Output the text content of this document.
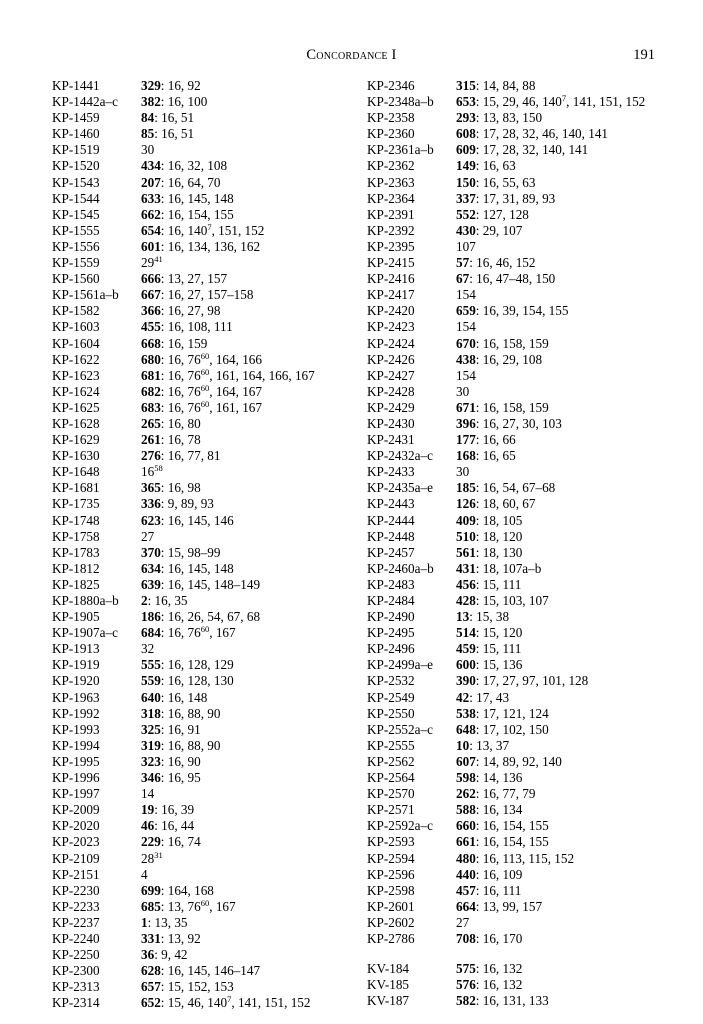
Concordance I	191
KP-1441	329: 16, 92
KP-1442a–c 382: 16, 100
KP-1459	84: 16, 51
KP-1460	85: 16, 51
KP-1519	30
KP-1520	434: 16, 32, 108
KP-1543	207: 16, 64, 70
KP-1544	633: 16, 145, 148
KP-1545	662: 16, 154, 155
KP-1555	654: 16, $140^7$, 151, 152
KP-1556	601: 16, 134, 136, 162
KP-1559	$29^{41}$
KP-1560	666: 13, 27, 157
KP-1561a–b 667: 16, 27, 157–158
KP-1582	366: 16, 27, 98
KP-1603	455: 16, 108, 111
KP-1604	668: 16, 159
KP-1622	680: 16, $76^{60}$, 164, 166
KP-1623	681: 16, $76^{60}$, 161, 164, 166, 167
KP-1624	682: 16, $76^{60}$, 164, 167
KP-1625	683: 16, $76^{60}$, 161, 167
KP-1628	265: 16, 80
KP-1629	261: 16, 78
KP-1630	276: 16, 77, 81
KP-1648	$16^{58}$
KP-1681	365: 16, 98
KP-1735	336: 9, 89, 93
KP-1748	623: 16, 145, 146
KP-1758	27
KP-1783	370: 15, 98–99
KP-1812	634: 16, 145, 148
KP-1825	639: 16, 145, 148–149
KP-1880a–b 2: 16, 35
KP-1905	186: 16, 26, 54, 67, 68
KP-1907a–c 684: 16, $76^{60}$, 167
KP-1913	32
KP-1919	555: 16, 128, 129
KP-1920	559: 16, 128, 130
KP-1963	640: 16, 148
KP-1992	318: 16, 88, 90
KP-1993	325: 16, 91
KP-1994	319: 16, 88, 90
KP-1995	323: 16, 90
KP-1996	346: 16, 95
KP-1997	14
KP-2009	19: 16, 39
KP-2020	46: 16, 44
KP-2023	229: 16, 74
KP-2109	$28^{31}$
KP-2151	4
KP-2230	699: 164, 168
KP-2233	685: 13, $76^{60}$, 167
KP-2237	1: 13, 35
KP-2240	331: 13, 92
KP-2250	36: 9, 42
KP-2300	628: 16, 145, 146–147
KP-2313	657: 15, 152, 153
KP-2314	652: 15, 46, $140^7$, 141, 151, 152
KP-2346	315: 14, 84, 88
KP-2348a–b 653: 15, 29, 46, $140^7$, 141, 151, 152
KP-2358	293: 13, 83, 150
KP-2360	608: 17, 28, 32, 46, 140, 141
KP-2361a–b 609: 17, 28, 32, 140, 141
KP-2362	149: 16, 63
KP-2363	150: 16, 55, 63
KP-2364	337: 17, 31, 89, 93
KP-2391	552: 127, 128
KP-2392	430: 29, 107
KP-2395	107
KP-2415	57: 16, 46, 152
KP-2416	67: 16, 47–48, 150
KP-2417	154
KP-2420	659: 16, 39, 154, 155
KP-2423	154
KP-2424	670: 16, 158, 159
KP-2426	438: 16, 29, 108
KP-2427	154
KP-2428	30
KP-2429	671: 16, 158, 159
KP-2430	396: 16, 27, 30, 103
KP-2431	177: 16, 66
KP-2432a–c 168: 16, 65
KP-2433	30
KP-2435a–e 185: 16, 54, 67–68
KP-2443	126: 18, 60, 67
KP-2444	409: 18, 105
KP-2448	510: 18, 120
KP-2457	561: 18, 130
KP-2460a–b 431: 18, 107a–b
KP-2483	456: 15, 111
KP-2484	428: 15, 103, 107
KP-2490	13: 15, 38
KP-2495	514: 15, 120
KP-2496	459: 15, 111
KP-2499a–e 600: 15, 136
KP-2532	390: 17, 27, 97, 101, 128
KP-2549	42: 17, 43
KP-2550	538: 17, 121, 124
KP-2552a–c 648: 17, 102, 150
KP-2555	10: 13, 37
KP-2562	607: 14, 89, 92, 140
KP-2564	598: 14, 136
KP-2570	262: 16, 77, 79
KP-2571	588: 16, 134
KP-2592a–c 660: 16, 154, 155
KP-2593	661: 16, 154, 155
KP-2594	480: 16, 113, 115, 152
KP-2596	440: 16, 109
KP-2598	457: 16, 111
KP-2601	664: 13, 99, 157
KP-2602	27
KP-2786	708: 16, 170
KV-184	575: 16, 132
KV-185	576: 16, 132
KV-187	582: 16, 131, 133
